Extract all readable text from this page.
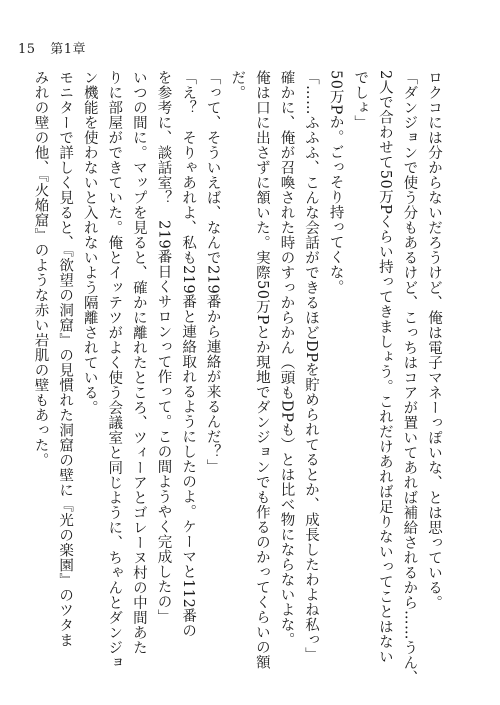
15 第1章
ロクコには分からないだろうけど、俺は電子マネーっぽいな、とは思っている。
「ダンジョンで使う分もあるけど、こっちはコアが置いてあれば補給されるから……うん、
2人で合わせて50万Pくらい持ってきましょう。これだけあれば足りないってことはない
でしょ」
50万Pか。ごっそり持ってくな。
「……ふふふ、こんな会話ができるほどDPを貯められてるとか、成長したわよね私っ」
確かに、俺が召喚された時のすっからかん（頭もDPも）とは比べ物にならないよな。
俺は口に出さずに頷いた。実際50万Pとか現地でダンジョンでも作るのかってくらいの額
だ。
「って、そういえば、なんで219番から連絡が来るんだ？」
「え？　そりゃあれよ、私も219番と連絡取れるようにしたのよ。ケーマと112番の
を参考に、談話室？　219番日くサロンって作って。この間ようやく完成したの」
いつの間に。マップを見ると、確かに離れたところ、ツィーアとゴレーヌ村の中間あた
りに部屋ができていた。俺とイッテツがよく使う会議室と同じように、ちゃんとダンジョ
ン機能を使わないと入れないよう隔離されている。
モニターで詳しく見ると、『欲望の洞窟』の見慣れた洞窟の壁に『光の楽園』のツタま
みれの壁の他、『火焔窟』のような赤い岩肌の壁もあった。
